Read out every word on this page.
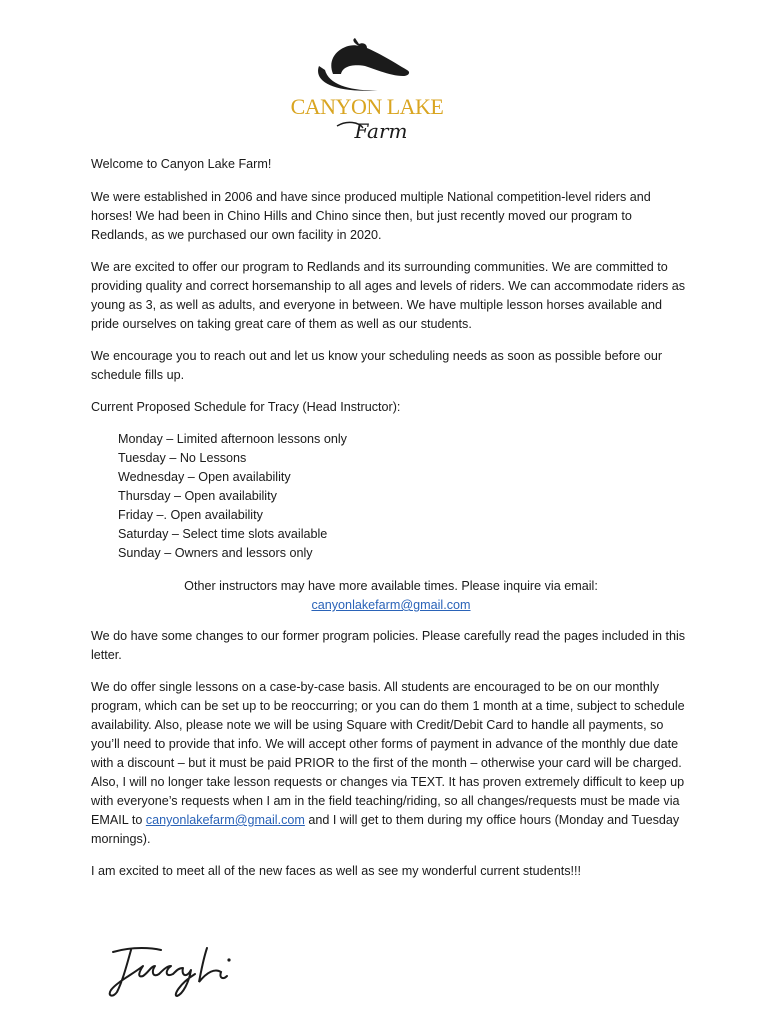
CANYON LAKE
Farm

Welcome to Canyon Lake Farm!

We were established in 2006 and have since produced multiple National competition-level riders and horses! We had been in Chino Hills and Chino since then, but just recently moved our program to Redlands, as we purchased our own facility in 2020.

We are excited to offer our program to Redlands and its surrounding communities. We are committed to providing quality and correct horsemanship to all ages and levels of riders. We can accommodate riders as young as 3, as well as adults, and everyone in between. We have multiple lesson horses available and pride ourselves on taking great care of them as well as our students.

We encourage you to reach out and let us know your scheduling needs as soon as possible before our schedule fills up.

Current Proposed Schedule for Tracy (Head Instructor):

Monday – Limited afternoon lessons only
Tuesday – No Lessons
Wednesday – Open availability
Thursday – Open availability
Friday –. Open availability
Saturday – Select time slots available
Sunday – Owners and lessors only

Other instructors may have more available times. Please inquire via email:
canyonlakefarm@gmail.com

We do have some changes to our former program policies. Please carefully read the pages included in this letter.

We do offer single lessons on a case-by-case basis. All students are encouraged to be on our monthly program, which can be set up to be reoccurring; or you can do them 1 month at a time, subject to schedule availability. Also, please note we will be using Square with Credit/Debit Card to handle all payments, so you’ll need to provide that info. We will accept other forms of payment in advance of the monthly due date with a discount – but it must be paid PRIOR to the first of the month – otherwise your card will be charged. Also, I will no longer take lesson requests or changes via TEXT. It has proven extremely difficult to keep up with everyone’s requests when I am in the field teaching/riding, so all changes/requests must be made via EMAIL to canyonlakefarm@gmail.com and I will get to them during my office hours (Monday and Tuesday mornings).

I am excited to meet all of the new faces as well as see my wonderful current students!!!
